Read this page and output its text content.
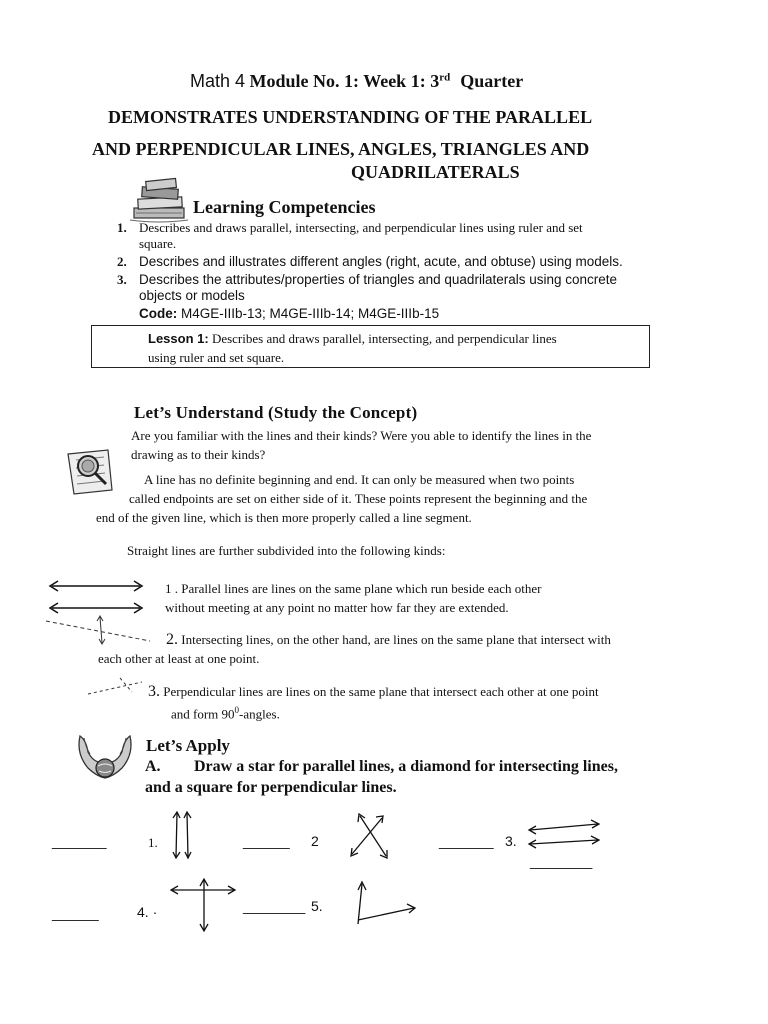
Math 4 Module No. 1: Week 1: 3rd Quarter
DEMONSTRATES UNDERSTANDING OF THE PARALLEL
AND PERPENDICULAR LINES, ANGLES, TRIANGLES AND
QUADRILATERALS
Learning Competencies
1. Describes and draws parallel, intersecting, and perpendicular lines using ruler and set
square.
2. Describes and illustrates different angles (right, acute, and obtuse) using models.
3. Describes the attributes/properties of triangles and quadrilaterals using concrete
objects or models
Code: M4GE-IIIb-13; M4GE-IIIb-14; M4GE-IIIb-15
Lesson 1: Describes and draws parallel, intersecting, and perpendicular lines
using ruler and set square.
Let’s Understand (Study the Concept)
Are you familiar with the lines and their kinds? Were you able to identify the lines in the
drawing as to their kinds?
A line has no definite beginning and end. It can only be measured when two points
called endpoints are set on either side of it. These points represent the beginning and the
end of the given line, which is then more properly called a line segment.
Straight lines are further subdivided into the following kinds:
1 . Parallel lines are lines on the same plane which run beside each other
without meeting at any point no matter how far they are extended.
2. Intersecting lines, on the other hand, are lines on the same plane that intersect with
each other at least at one point.
3. Perpendicular lines are lines on the same plane that intersect each other at one point
and form $90^0$-angles.
Let’s Apply
A. Draw a star for parallel lines, a diamond for intersecting lines,
and a square for perpendicular lines.
_______	1.	______ 2	_______ 3.
________
______	4. ·	________ 5.
